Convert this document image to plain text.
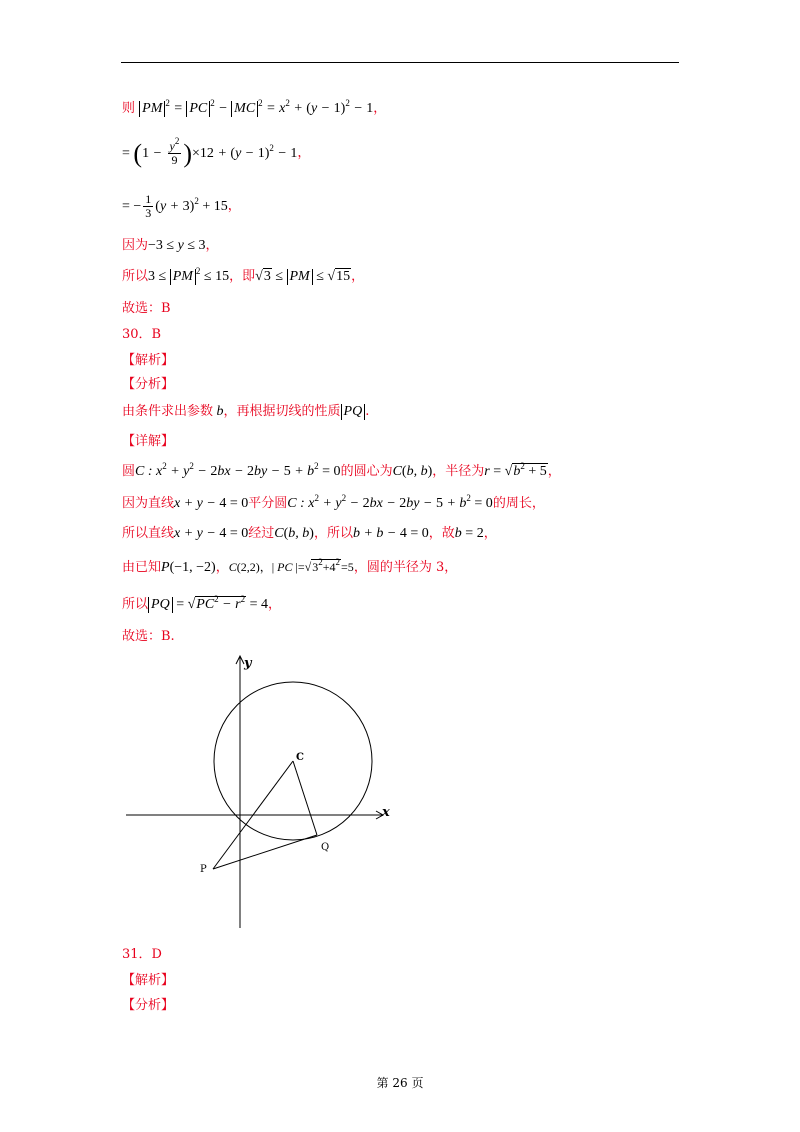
则 PM $^2$ = PC $^2$ − MC $^2 = x^2 + (y - 1)^2 - 1$，
= $(1 - \frac{y^2}{9} )\times 12 + (y - 1)^2 - 1$，
= − $\frac{1}{3} (y + 3)^2 + 15$，
因为−3 ≤ y ≤ 3，
所以3 ≤ PM $^2$ ≤ 15，即√3 ≤ PM ≤ √15，
故选：B
30．B
【解析】
【分析】
由条件求出参数 b，再根据切线的性质 PQ .
【详解】
圆C : $x^2 + y^2 - 2bx - 2by - 5 + b^2 = 0$的圆心为C(b, b)，半径为$r = √b^2 + 5$，
因为直线x + y − 4 = 0平分圆C : $x^2 + y^2 - 2bx - 2by - 5 + b^2 = 0$的周长，
所以直线x + y − 4 = 0经过C(b, b)，所以b + b − 4 = 0，故b = 2，
由已知P(−1, −2)，C(2,2)，| PC $|=√3^2+4^2=5$，圆的半径为 3，
所以 PQ = $√PC^2 - r^2 = 4$，
故选：B.
y
x
C
P
Q
31．D
【解析】
【分析】
第 26 页
